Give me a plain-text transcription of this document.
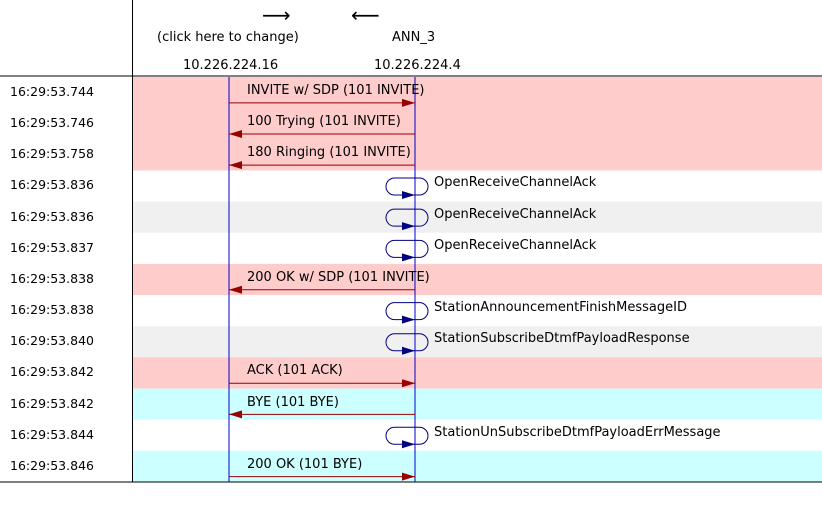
⟶	⟵
(click here to change)	ANN_3
10.226.224.16	10.226.224.4
16:29:53.744	INVITE w/ SDP (101 INVITE)
16:29:53.746	100 Trying (101 INVITE)
16:29:53.758	180 Ringing (101 INVITE)
16:29:53.836	OpenReceiveChannelAck
16:29:53.836	OpenReceiveChannelAck
16:29:53.837	OpenReceiveChannelAck
16:29:53.838	200 OK w/ SDP (101 INVITE)
16:29:53.838	StationAnnouncementFinishMessageID
16:29:53.840	StationSubscribeDtmfPayloadResponse
16:29:53.842	ACK (101 ACK)
16:29:53.842	BYE (101 BYE)
16:29:53.844	StationUnSubscribeDtmfPayloadErrMessage
16:29:53.846	200 OK (101 BYE)
